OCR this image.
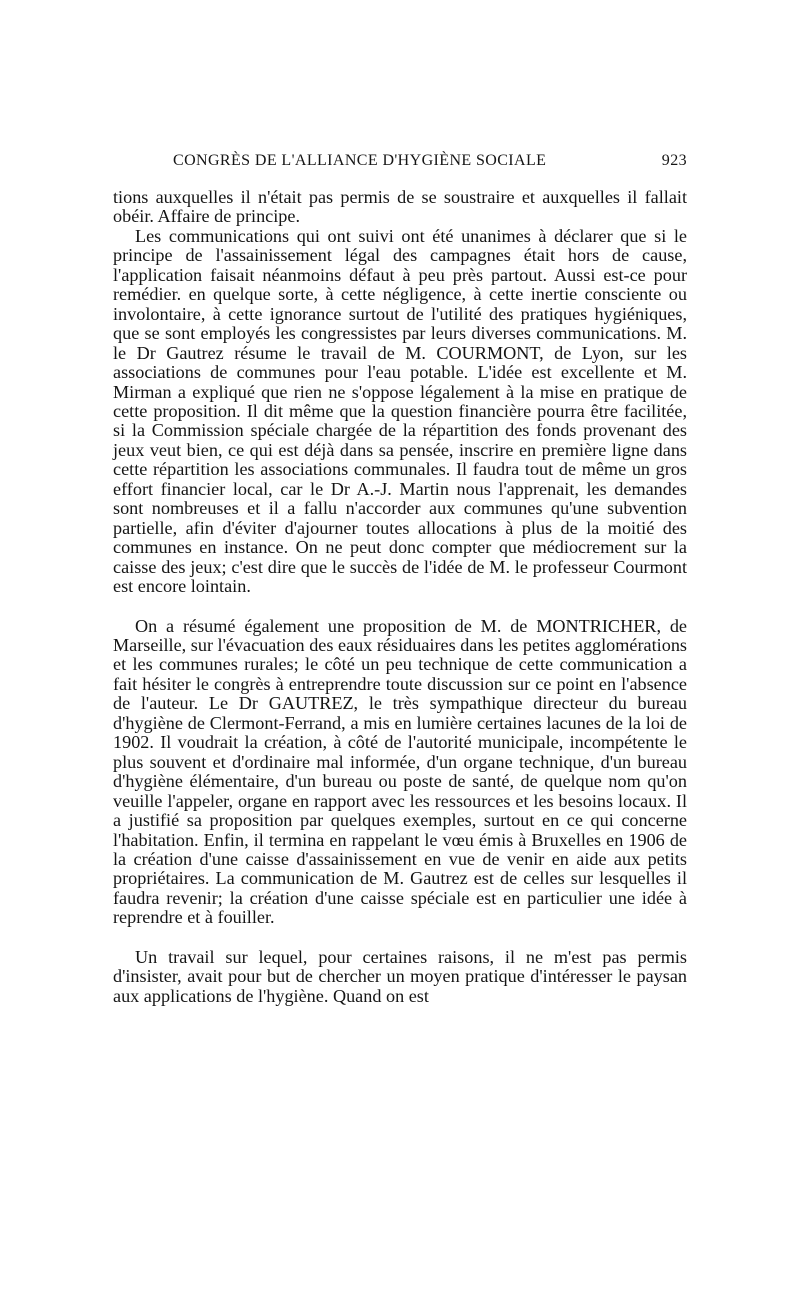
CONGRÈS DE L'ALLIANCE D'HYGIÈNE SOCIALE	923

tions auxquelles il n'était pas permis de se soustraire et auxquelles il fallait obéir. Affaire de principe.

Les communications qui ont suivi ont été unanimes à déclarer que si le principe de l'assainissement légal des campagnes était hors de cause, l'application faisait néanmoins défaut à peu près partout. Aussi est-ce pour remédier. en quelque sorte, à cette négligence, à cette inertie consciente ou involontaire, à cette ignorance surtout de l'utilité des pratiques hygiéniques, que se sont employés les congressistes par leurs diverses communications. M. le Dr Gautrez résume le travail de M. COURMONT, de Lyon, sur les associations de communes pour l'eau potable. L'idée est excellente et M. Mirman a expliqué que rien ne s'oppose légalement à la mise en pratique de cette proposition. Il dit même que la question financière pourra être facilitée, si la Commission spéciale chargée de la répartition des fonds provenant des jeux veut bien, ce qui est déjà dans sa pensée, inscrire en première ligne dans cette répartition les associations communales. Il faudra tout de même un gros effort financier local, car le Dr A.-J. Martin nous l'apprenait, les demandes sont nombreuses et il a fallu n'accorder aux communes qu'une subvention partielle, afin d'éviter d'ajourner toutes allocations à plus de la moitié des communes en instance. On ne peut donc compter que médiocrement sur la caisse des jeux; c'est dire que le succès de l'idée de M. le professeur Courmont est encore lointain.

On a résumé également une proposition de M. de MONTRICHER, de Marseille, sur l'évacuation des eaux résiduaires dans les petites agglomérations et les communes rurales; le côté un peu technique de cette communication a fait hésiter le congrès à entreprendre toute discussion sur ce point en l'absence de l'auteur. Le Dr GAUTREZ, le très sympathique directeur du bureau d'hygiène de Clermont-Ferrand, a mis en lumière certaines lacunes de la loi de 1902. Il voudrait la création, à côté de l'autorité municipale, incompétente le plus souvent et d'ordinaire mal informée, d'un organe technique, d'un bureau d'hygiène élémentaire, d'un bureau ou poste de santé, de quelque nom qu'on veuille l'appeler, organe en rapport avec les ressources et les besoins locaux. Il a justifié sa proposition par quelques exemples, surtout en ce qui concerne l'habitation. Enfin, il termina en rappelant le vœu émis à Bruxelles en 1906 de la création d'une caisse d'assainissement en vue de venir en aide aux petits propriétaires. La communication de M. Gautrez est de celles sur lesquelles il faudra revenir; la création d'une caisse spéciale est en particulier une idée à reprendre et à fouiller.

Un travail sur lequel, pour certaines raisons, il ne m'est pas permis d'insister, avait pour but de chercher un moyen pratique d'intéresser le paysan aux applications de l'hygiène. Quand on est
